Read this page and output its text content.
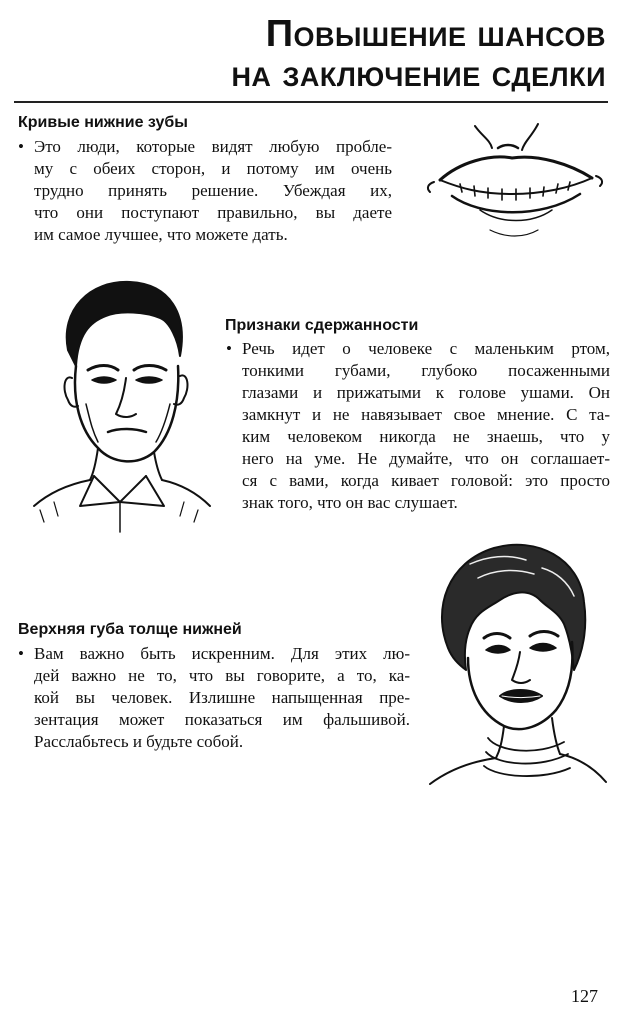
Повышение шансов
на заключение сделки
Кривые нижние зубы
• Это люди, которые видят любую пробле-
му с обеих сторон, и потому им очень
трудно принять решение. Убеждая их,
что они поступают правильно, вы даете
им самое лучшее, что можете дать.
Признаки сдержанности
• Речь идет о человеке с маленьким ртом,
тонкими губами, глубоко посаженными
глазами и прижатыми к голове ушами. Он
замкнут и не навязывает свое мнение. С та-
ким человеком никогда не знаешь, что у
него на уме. Не думайте, что он соглашает-
ся с вами, когда кивает головой: это просто
знак того, что он вас слушает.
Верхняя губа толще нижней
• Вам важно быть искренним. Для этих лю-
дей важно не то, что вы говорите, а то, ка-
кой вы человек. Излишне напыщенная пре-
зентация может показаться им фальшивой.
Расслабьтесь и будьте собой.
127
